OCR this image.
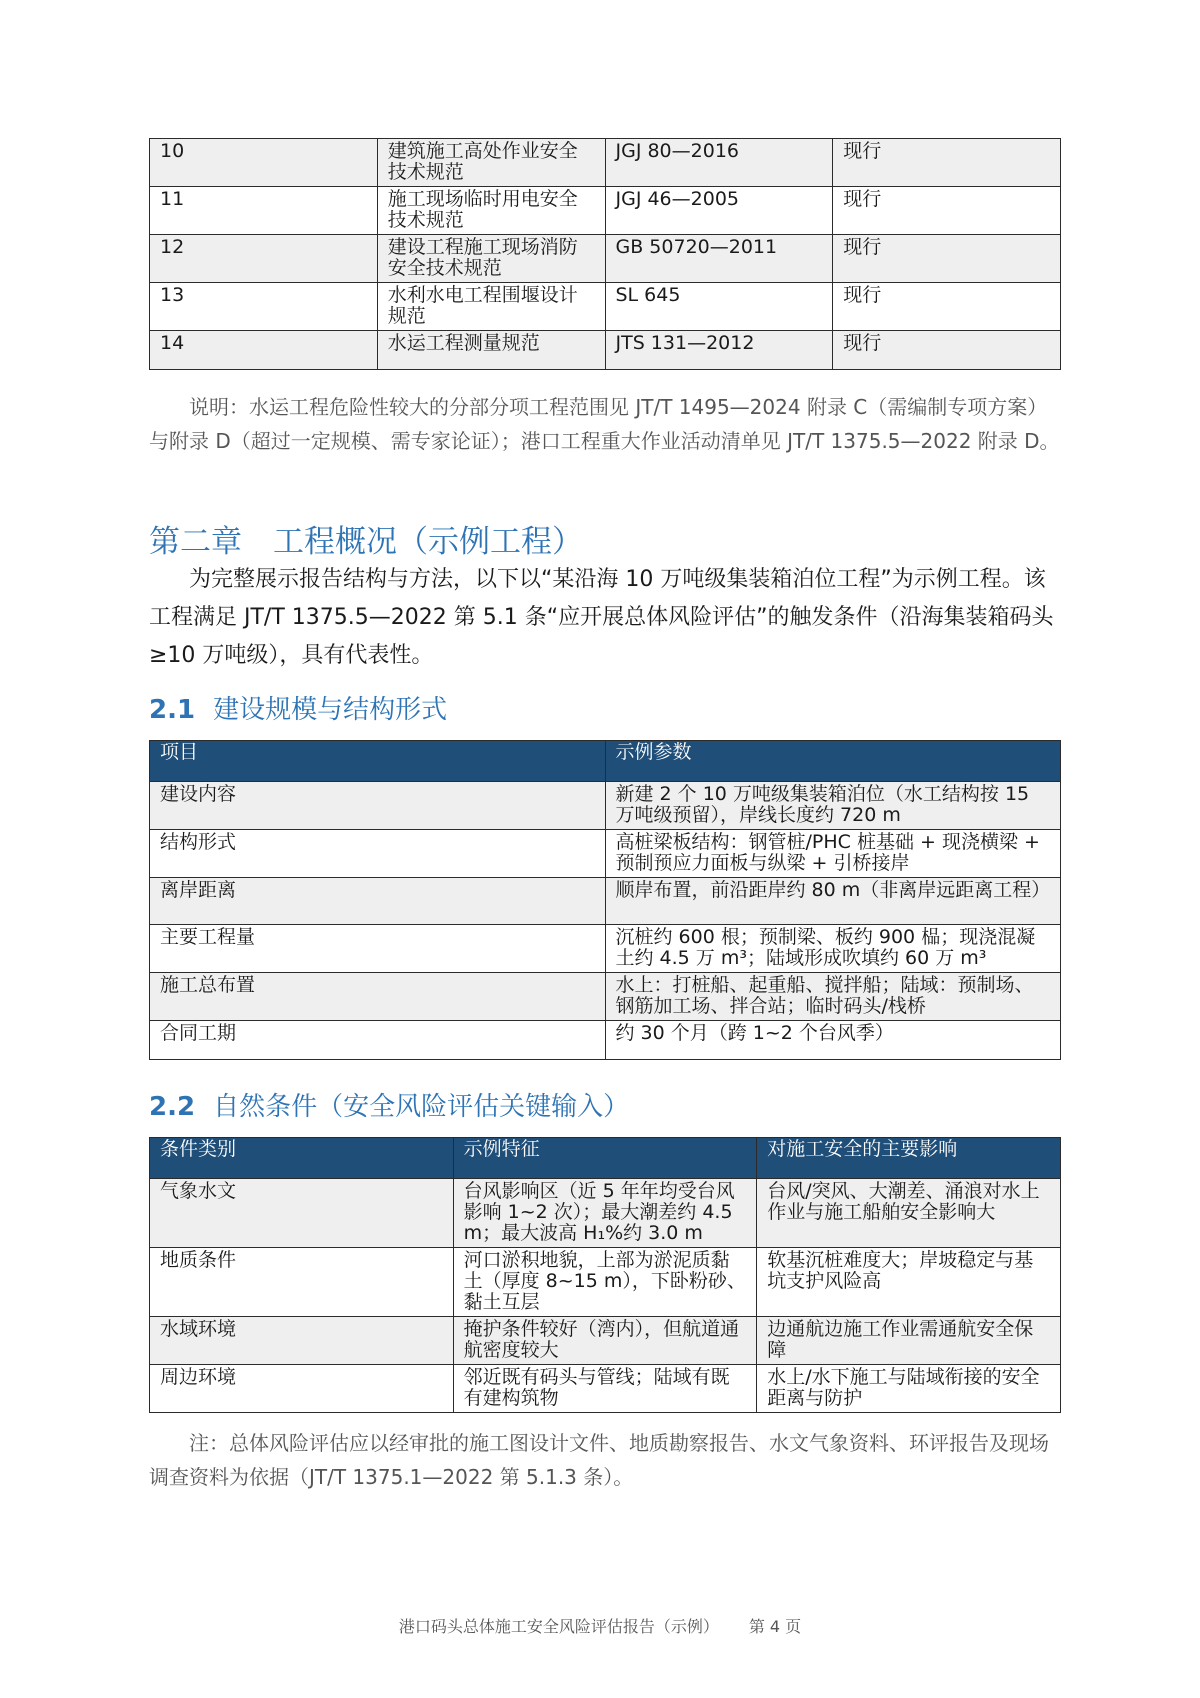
10	建筑施工高处作业安全技术规范	JGJ 80—2016	现行
11	施工现场临时用电安全技术规范	JGJ 46—2005	现行
12	建设工程施工现场消防安全技术规范	GB 50720—2011	现行
13	水利水电工程围堰设计规范	SL 645	现行
14	水运工程测量规范	JTS 131—2012	现行

说明：水运工程危险性较大的分部分项工程范围见 JT/T 1495—2024 附录 C（需编制专项方案）与附录 D（超过一定规模、需专家论证）；港口工程重大作业活动清单见 JT/T 1375.5—2022 附录 D。

第二章　工程概况（示例工程）

为完整展示报告结构与方法，以下以“某沿海 10 万吨级集装箱泊位工程”为示例工程。该工程满足 JT/T 1375.5—2022 第 5.1 条“应开展总体风险评估”的触发条件（沿海集装箱码头≥10 万吨级），具有代表性。

2.1 建设规模与结构形式
项目	示例参数
建设内容	新建 2 个 10 万吨级集装箱泊位（水工结构按 15 万吨级预留），岸线长度约 720 m
结构形式	高桩梁板结构：钢管桩/PHC 桩基础 + 现浇横梁 + 预制预应力面板与纵梁 + 引桥接岸
离岸距离	顺岸布置，前沿距岸约 80 m（非离岸远距离工程）
主要工程量	沉桩约 600 根；预制梁、板约 900 榀；现浇混凝土约 4.5 万 m³；陆域形成吹填约 60 万 m³
施工总布置	水上：打桩船、起重船、搅拌船；陆域：预制场、钢筋加工场、拌合站；临时码头/栈桥
合同工期	约 30 个月（跨 1~2 个台风季）
2.2 自然条件（安全风险评估关键输入）
条件类别	示例特征	对施工安全的主要影响
气象水文	台风影响区（近 5 年年均受台风影响 1~2 次）；最大潮差约 4.5 m；最大波高 H₁%约 3.0 m	台风/突风、大潮差、涌浪对水上作业与施工船舶安全影响大
地质条件	河口淤积地貌，上部为淤泥质黏土（厚度 8~15 m），下卧粉砂、黏土互层	软基沉桩难度大；岸坡稳定与基坑支护风险高
水域环境	掩护条件较好（湾内），但航道通航密度较大	边通航边施工作业需通航安全保障
周边环境	邻近既有码头与管线；陆域有既有建构筑物	水上/水下施工与陆域衔接的安全距离与防护

注：总体风险评估应以经审批的施工图设计文件、地质勘察报告、水文气象资料、环评报告及现场调查资料为依据（JT/T 1375.1—2022 第 5.1.3 条）。

港口码头总体施工安全风险评估报告（示例） 第 4 页
